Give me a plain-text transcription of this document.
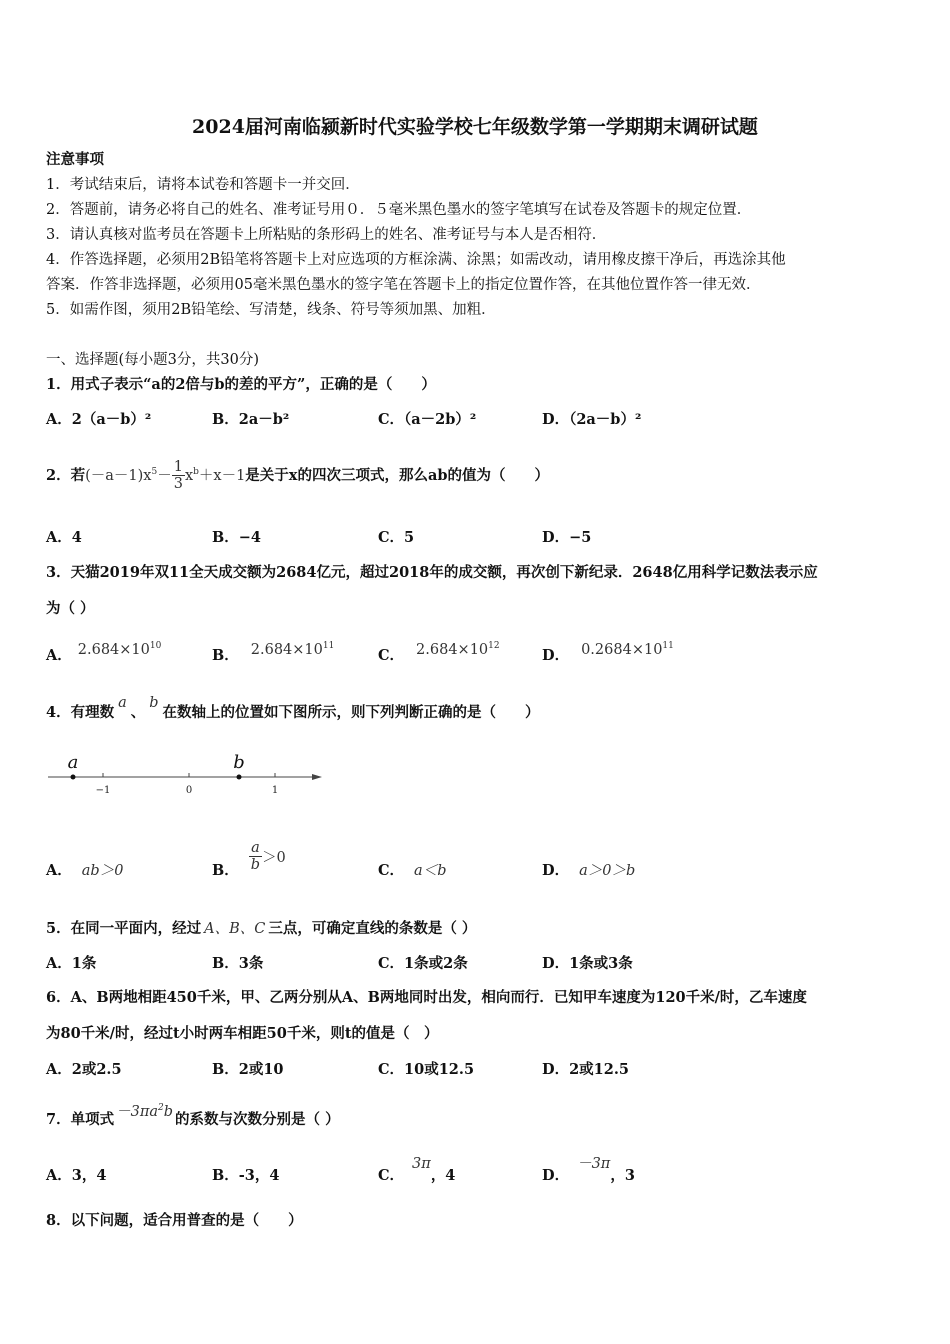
2024届河南临颍新时代实验学校七年级数学第一学期期末调研试题
注意事项
1．考试结束后，请将本试卷和答题卡一并交回．
2．答题前，请务必将自己的姓名、准考证号用０．５毫米黑色墨水的签字笔填写在试卷及答题卡的规定位置．
3．请认真核对监考员在答题卡上所粘贴的条形码上的姓名、准考证号与本人是否相符．
4．作答选择题，必须用2B铅笔将答题卡上对应选项的方框涂满、涂黑；如需改动，请用橡皮擦干净后，再选涂其他
答案．作答非选择题，必须用05毫米黑色墨水的签字笔在答题卡上的指定位置作答，在其他位置作答一律无效．
5．如需作图，须用2B铅笔绘、写清楚，线条、符号等须加黑、加粗．
一、选择题(每小题3分，共30分)
1．用式子表示“a的2倍与b的差的平方”，正确的是（　　）
A．2（a－b）²	B．2a－b²	C．（a－2b）²	D．（2a－b）²
2．若$(-a-1)x^5- \frac{1}{3} x^b+x-1$是关于x的四次三项式，那么ab的值为（　　）
A．4	B．−4	C．5	D．−5
3．天猫2019年双11全天成交额为2684亿元，超过2018年的成交额，再次创下新纪录．2648亿用科学记数法表示应
为（ ）
A． $2.684\times 10^{10}$
B． $2.684\times 10^{11}$
C． $2.684\times 10^{12}$
D． $0.2684\times 10^{11}$
4．有理数a、b在数轴上的位置如下图所示，则下列判断正确的是（　　）
a	b
−1	0	1
A． ab＞0	B． $\frac{a}{b} >0$
C． a＜b	D． a＞0＞b
5．在同一平面内，经过 A、B、C 三点，可确定直线的条数是（ ）
A．1条	B．3条	C．1条或2条	D．1条或3条
6．A、B两地相距450千米，甲、乙两分别从A、B两地同时出发，相向而行．已知甲车速度为120千米/时，乙车速度
为80千米/时，经过t小时两车相距50千米，则t的值是（　）
A．2或2.5	B．2或10	C．10或12.5	D．2或12.5
7．单项式 $-3\pi a^2b$ 的系数与次数分别是（ ）
A．3，4	B．-3，4	C．3π，4	D．－3π，3
8．以下问题，适合用普查的是（　　）
